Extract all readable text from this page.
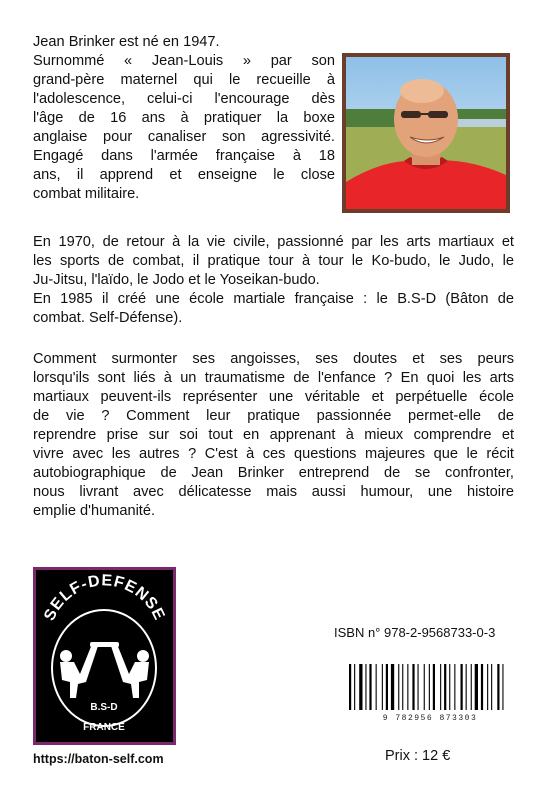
Jean Brinker est né en 1947.
Surnommé « Jean-Louis » par son
grand-père maternel qui le recueille à
l'adolescence, celui-ci l'encourage dès
l'âge de 16 ans à pratiquer la boxe
anglaise pour canaliser son agressivité.
Engagé dans l'armée française à 18
ans, il apprend et enseigne le close
combat militaire.
En 1970, de retour à la vie civile, passionné par les arts martiaux et
les sports de combat, il pratique tour à tour le Ko-budo, le Judo, le
Ju-Jitsu, l'laïdo, le Jodo et le Yoseikan-budo.
En 1985 il créé une école martiale française : le B.S-D (Bâton de
combat. Self-Défense).
Comment surmonter ses angoisses, ses doutes et ses peurs
lorsqu'ils sont liés à un traumatisme de l'enfance ? En quoi les arts
martiaux peuvent-ils représenter une véritable et perpétuelle école
de vie ? Comment leur pratique passionnée permet-elle de
reprendre prise sur soi tout en apprenant à mieux comprendre et
vivre avec les autres ? C'est à ces questions majeures que le récit
autobiographique de Jean Brinker entreprend de se confronter,
nous livrant avec délicatesse mais aussi humour, une histoire
emplie d'humanité.
SELF-DEFENSE
B.S-D
FRANCE
https://baton-self.com
ISBN n° 978-2-9568733-0-3
9 782956 873303
Prix : 12 €
